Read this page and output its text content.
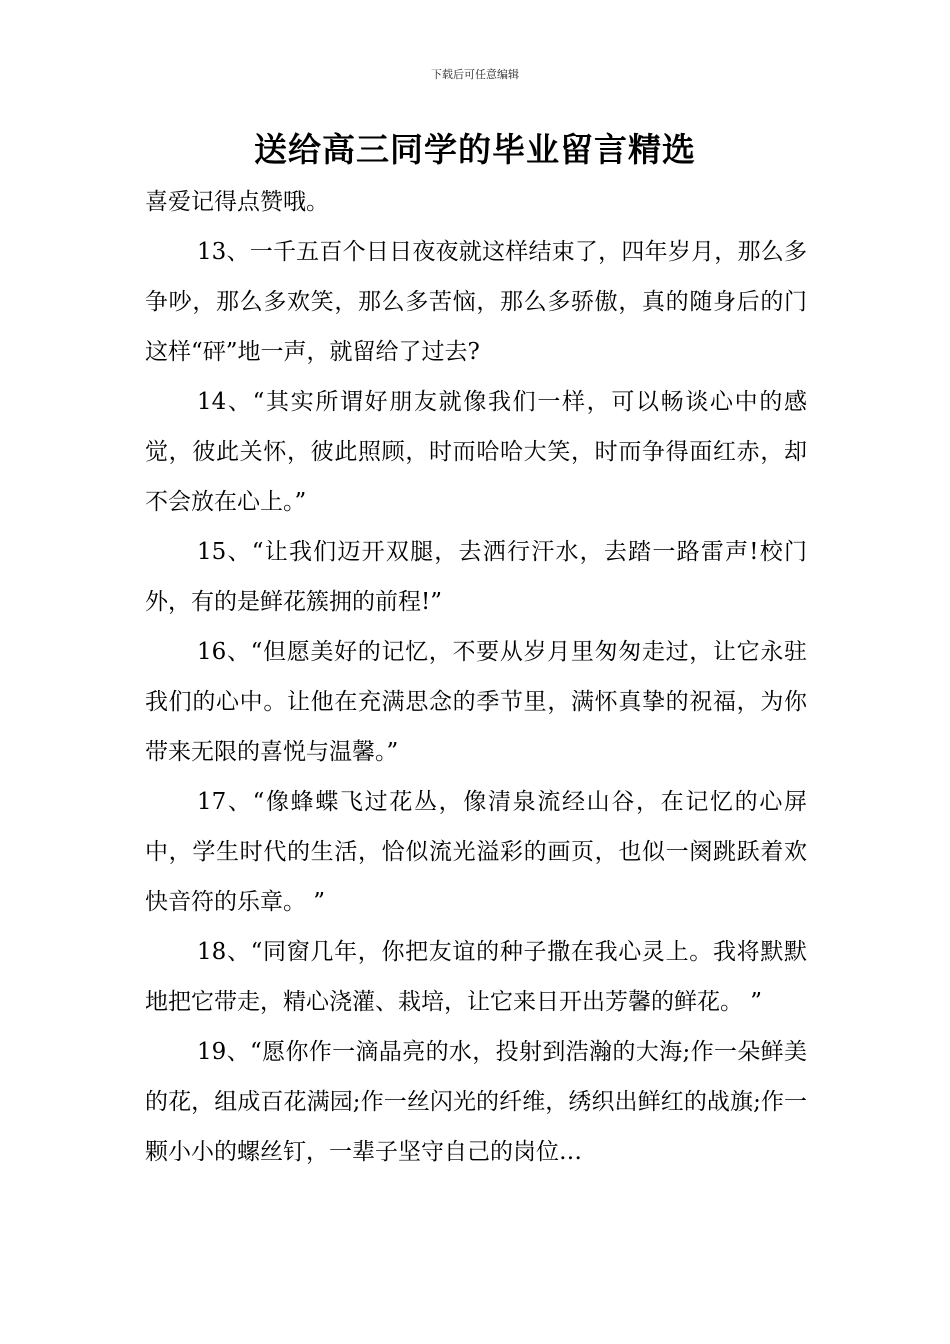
下载后可任意编辑
送给高三同学的毕业留言精选

喜爱记得点赞哦。

13、一千五百个日日夜夜就这样结束了，四年岁月，那么多争吵，那么多欢笑，那么多苦恼，那么多骄傲，真的随身后的门这样“砰”地一声，就留给了过去?

14、“其实所谓好朋友就像我们一样，可以畅谈心中的感觉，彼此关怀，彼此照顾，时而哈哈大笑，时而争得面红赤，却不会放在心上。”

15、“让我们迈开双腿，去洒行汗水，去踏一路雷声!校门外，有的是鲜花簇拥的前程!”

16、“但愿美好的记忆，不要从岁月里匆匆走过，让它永驻我们的心中。让他在充满思念的季节里，满怀真挚的祝福，为你带来无限的喜悦与温馨。”

17、“像蜂蝶飞过花丛，像清泉流经山谷，在记忆的心屏中，学生时代的生活，恰似流光溢彩的画页，也似一阕跳跃着欢快音符的乐章。 ”

18、“同窗几年，你把友谊的种子撒在我心灵上。我将默默地把它带走，精心浇灌、栽培，让它来日开出芳馨的鲜花。 ”

19、“愿你作一滴晶亮的水，投射到浩瀚的大海;作一朵鲜美的花，组成百花满园;作一丝闪光的纤维，绣织出鲜红的战旗;作一颗小小的螺丝钉，一辈子坚守自己的岗位…
